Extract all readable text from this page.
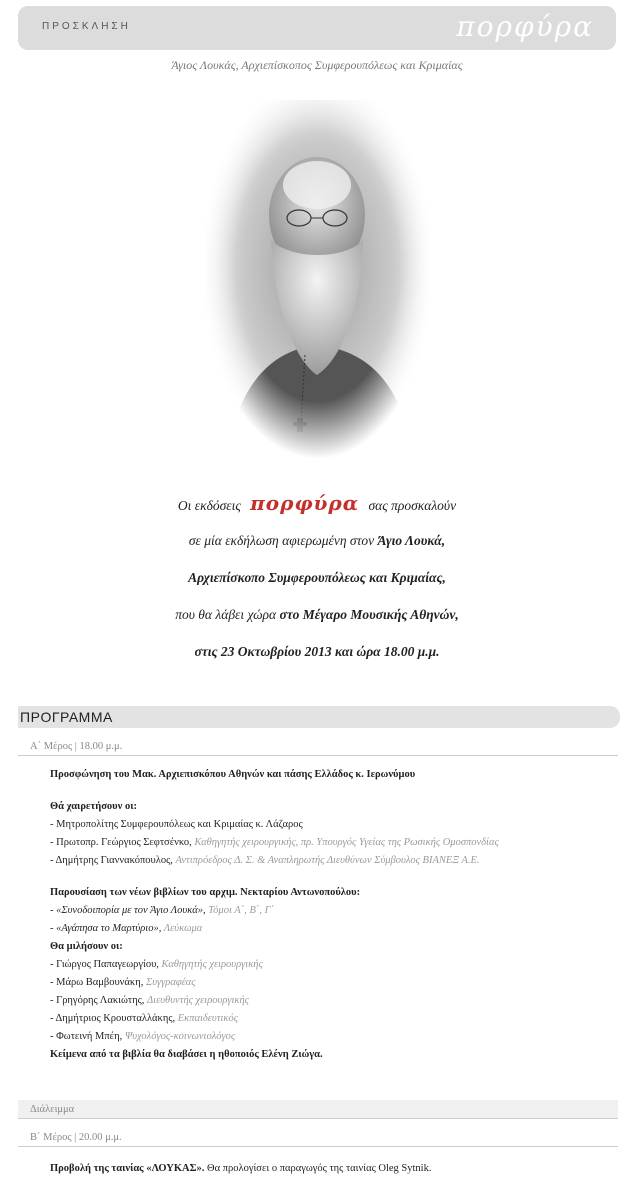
ΠΡΟΣΚΛΗΣΗ	πορφύρα
Άγιος Λουκάς, Αρχιεπίσκοπος Συμφερουπόλεως και Κριμαίας
Οι εκδόσεις πορφύρα σας προσκαλούν
σε μία εκδήλωση αφιερωμένη στον Άγιο Λουκά,
Αρχιεπίσκοπο Συμφερουπόλεως και Κριμαίας,
που θα λάβει χώρα στο Μέγαρο Μουσικής Αθηνών,
στις 23 Οκτωβρίου 2013 και ώρα 18.00 μ.μ.
ΠΡΟΓΡΑΜΜΑ
Α΄ Μέρος | 18.00 μ.μ.
Προσφώνηση του Μακ. Αρχιεπισκόπου Αθηνών και πάσης Ελλάδος κ. Ιερωνύμου
Θά χαιρετήσουν οι:
- Μητροπολίτης Συμφερουπόλεως και Κριμαίας κ. Λάζαρος
- Πρωτοπρ. Γεώργιος Σεφτσένκο, Καθηγητής χειρουργικής, πρ. Υπουργός Υγείας της Ρωσικής Ομοσπονδίας
- Δημήτρης Γιαννακόπουλος, Αντιπρόεδρος Δ. Σ. & Αναπληρωτής Διευθύνων Σύμβουλος ΒΙΑΝΕΞ Α.Ε.
Παρουσίαση των νέων βιβλίων του αρχιμ. Νεκταρίου Αντωνοπούλου:
- «Συνοδοιπορία με τον Άγιο Λουκά», Τόμοι Α΄, Β΄, Γ΄
- «Αγάπησα το Μαρτύριο», Λεύκωμα
Θα μιλήσουν οι:
- Γιώργος Παπαγεωργίου, Καθηγητής χειρουργικής
- Μάρω Βαμβουνάκη, Συγγραφέας
- Γρηγόρης Λακιώτης, Διευθυντής χειρουργικής
- Δημήτριος Κρουσταλλάκης, Εκπαιδευτικός
- Φωτεινή Μπέη, Ψυχολόγος-κοινωνιολόγος
Κείμενα από τα βιβλία θα διαβάσει η ηθοποιός Ελένη Ζιώγα.
Διάλειμμα
Β΄ Μέρος | 20.00 μ.μ.
Προβολή της ταινίας «ΛΟΥΚΑΣ». Θα προλογίσει ο παραγωγός της ταινίας Oleg Sytnik.
